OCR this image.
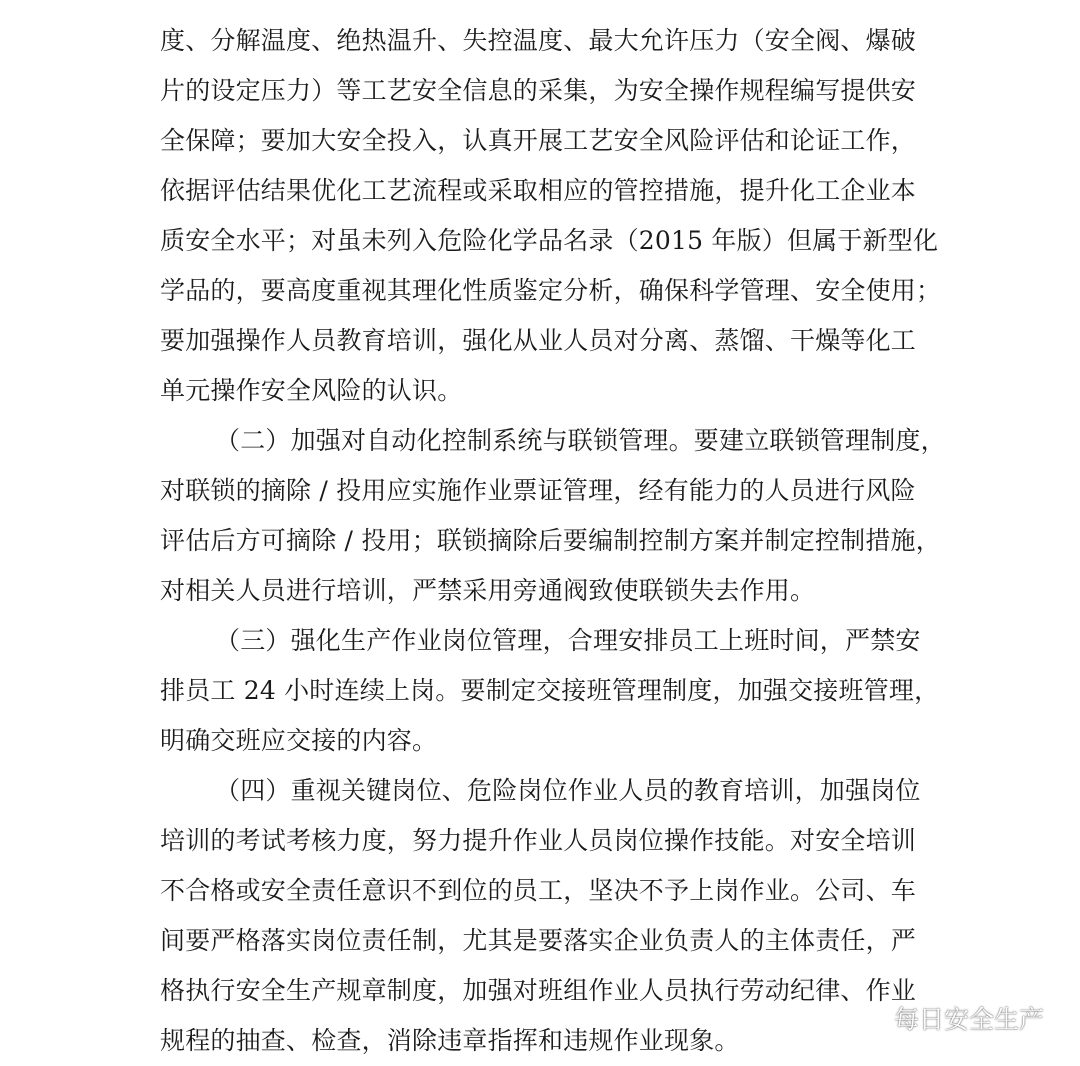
度、分解温度、绝热温升、失控温度、最大允许压力（安全阀、爆破
片的设定压力）等工艺安全信息的采集，为安全操作规程编写提供安
全保障；要加大安全投入，认真开展工艺安全风险评估和论证工作，
依据评估结果优化工艺流程或采取相应的管控措施，提升化工企业本
质安全水平；对虽未列入危险化学品名录（2015 年版）但属于新型化
学品的，要高度重视其理化性质鉴定分析，确保科学管理、安全使用；
要加强操作人员教育培训，强化从业人员对分离、蒸馏、干燥等化工
单元操作安全风险的认识。
（二）加强对自动化控制系统与联锁管理。要建立联锁管理制度，
对联锁的摘除 / 投用应实施作业票证管理，经有能力的人员进行风险
评估后方可摘除 / 投用；联锁摘除后要编制控制方案并制定控制措施，
对相关人员进行培训，严禁采用旁通阀致使联锁失去作用。
（三）强化生产作业岗位管理，合理安排员工上班时间，严禁安
排员工 24 小时连续上岗。要制定交接班管理制度，加强交接班管理，
明确交班应交接的内容。
（四）重视关键岗位、危险岗位作业人员的教育培训，加强岗位
培训的考试考核力度，努力提升作业人员岗位操作技能。对安全培训
不合格或安全责任意识不到位的员工，坚决不予上岗作业。公司、车
间要严格落实岗位责任制，尤其是要落实企业负责人的主体责任，严
格执行安全生产规章制度，加强对班组作业人员执行劳动纪律、作业
规程的抽查、检查，消除违章指挥和违规作业现象。
每日安全生产
